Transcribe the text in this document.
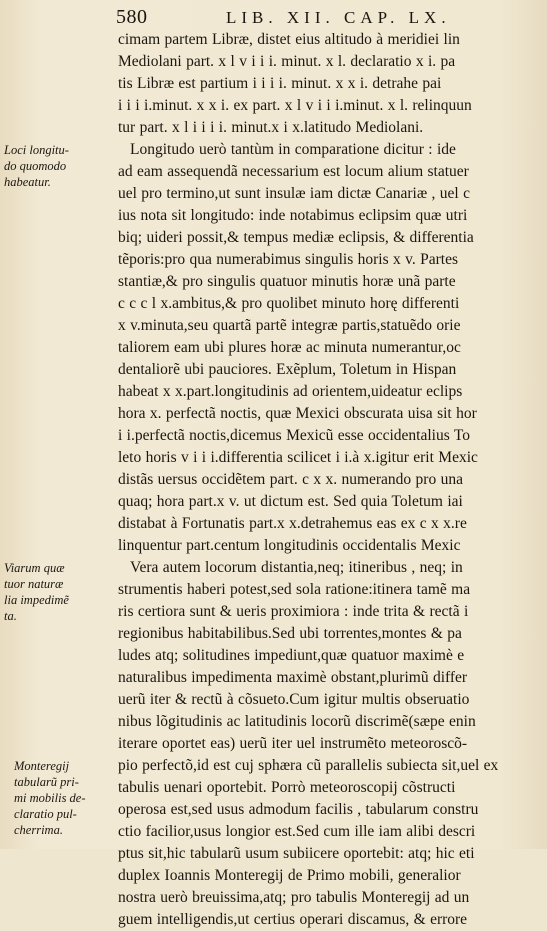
580	LIB. XII. CAP. LX.
cimam partem Libræ, distet eius altitudo à meridiei lin
Mediolani part. x l v i i i. minut. x l. declaratio x i. pa
tis Libræ est partium i i i i. minut. x x i. detrahe pai
i i i i.minut. x x i. ex part. x l v i i i.minut. x l. relinquun
tur part. x l i i i i. minut.x i x.latitudo Mediolani.
Longitudo uerò tantùm in comparatione dicitur : ide
ad eam assequendã necessarium est locum alium statuer
uel pro termino,ut sunt insulæ iam dictæ Canariæ , uel c
ius nota sit longitudo: inde notabimus eclipsim quæ utri
biq; uideri possit,& tempus mediæ eclipsis, & differentia
tẽporis:pro qua numerabimus singulis horis x v. Partes
stantiæ,& pro singulis quatuor minutis horæ unã parte
c c c l x.ambitus,& pro quolibet minuto horę differenti
x v.minuta,seu quartã partẽ integræ partis,statuẽdo orie
taliorem eam ubi plures horæ ac minuta numerantur,oc
dentaliorẽ ubi pauciores. Exẽplum, Toletum in Hispan
habeat x x.part.longitudinis ad orientem,uideatur eclips
hora x. perfectã noctis, quæ Mexici obscurata uisa sit hor
i i.perfectã noctis,dicemus Mexicũ esse occidentalius To
leto horis v i i i.differentia scilicet i i.à x.igitur erit Mexic
distãs uersus occidẽtem part. c x x. numerando pro una
quaq; hora part.x v. ut dictum est. Sed quia Toletum iai
distabat à Fortunatis part.x x.detrahemus eas ex c x x.re
linquentur part.centum longitudinis occidentalis Mexic
Vera autem locorum distantia,neq; itineribus , neq; in
strumentis haberi potest,sed sola ratione:itinera tamẽ ma
ris certiora sunt & ueris proximiora : inde trita & rectã i
regionibus habitabilibus.Sed ubi torrentes,montes & pa
ludes atq; solitudines impediunt,quæ quatuor maximè e
naturalibus impedimenta maximè obstant,plurimũ differ
uerũ iter & rectũ à cõsueto.Cum igitur multis obseruatio
nibus lõgitudinis ac latitudinis locorũ discrimẽ(sæpe enin
iterare oportet eas) uerũ iter uel instrumẽto meteoroscõ-
pio perfectõ,id est cuj sphæra cũ parallelis subiecta sit,uel ex
tabulis uenari oportebit. Porrò meteoroscopij cõstructi
operosa est,sed usus admodum facilis , tabularum constru
ctio facilior,usus longior est.Sed cum ille iam alibi descri
ptus sit,hic tabularũ usum subiicere oportebit: atq; hic eti
duplex Ioannis Monteregij de Primo mobili, generalior
nostra uerò breuissima,atq; pro tabulis Monteregij ad un
guem intelligendis,ut certius operari discamus, & errore
Loci longitu-
do quomodo
habeatur.
Viarum quæ
tuor naturæ
lia impedimẽ
ta.
Monteregij
tabularũ pri-
mi mobilis de-
claratio pul-
cherrima.
